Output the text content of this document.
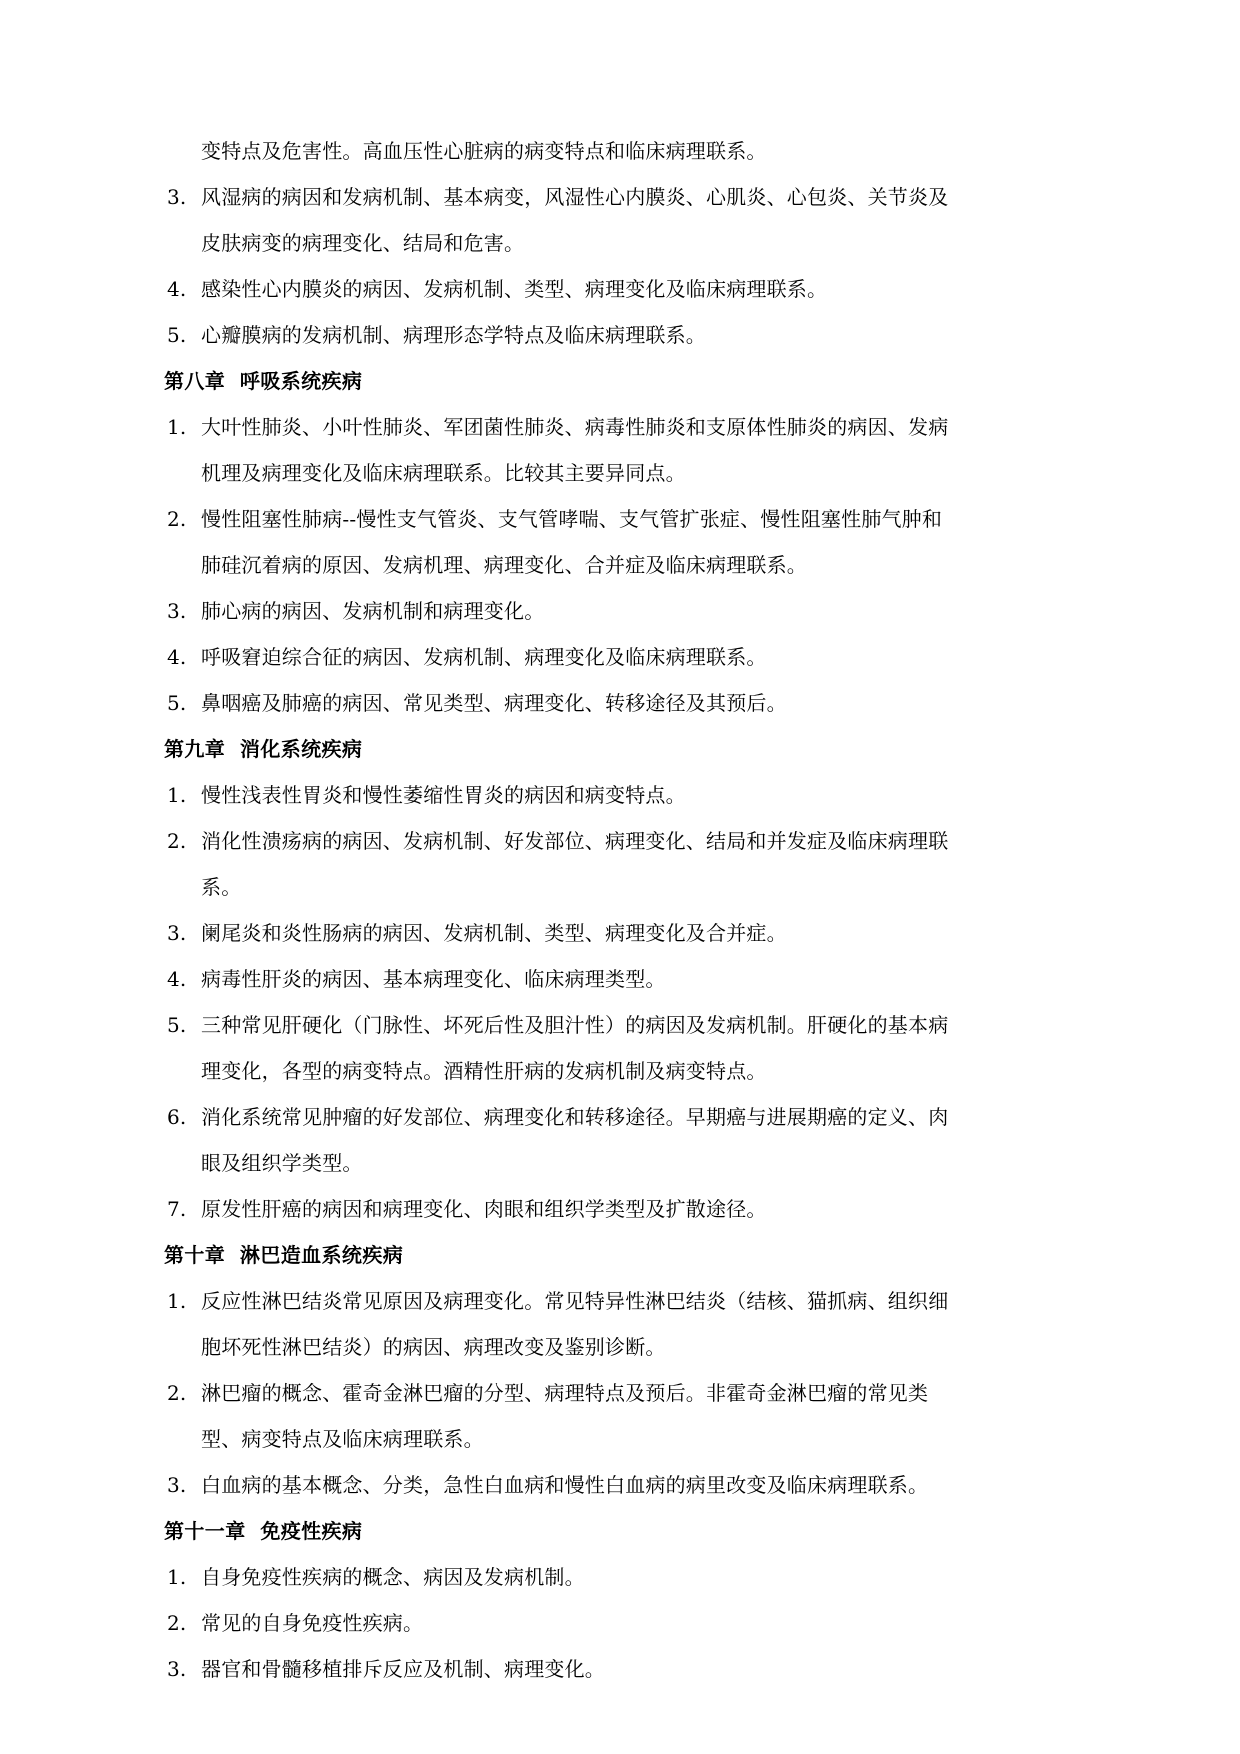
变特点及危害性。高血压性心脏病的病变特点和临床病理联系。
3. 风湿病的病因和发病机制、基本病变，风湿性心内膜炎、心肌炎、心包炎、关节炎及皮肤病变的病理变化、结局和危害。
4. 感染性心内膜炎的病因、发病机制、类型、病理变化及临床病理联系。
5. 心瓣膜病的发病机制、病理形态学特点及临床病理联系。
第八章  呼吸系统疾病
1. 大叶性肺炎、小叶性肺炎、军团菌性肺炎、病毒性肺炎和支原体性肺炎的病因、发病机理及病理变化及临床病理联系。比较其主要异同点。
2. 慢性阻塞性肺病--慢性支气管炎、支气管哮喘、支气管扩张症、慢性阻塞性肺气肿和肺硅沉着病的原因、发病机理、病理变化、合并症及临床病理联系。
3. 肺心病的病因、发病机制和病理变化。
4. 呼吸窘迫综合征的病因、发病机制、病理变化及临床病理联系。
5. 鼻咽癌及肺癌的病因、常见类型、病理变化、转移途径及其预后。
第九章  消化系统疾病
1. 慢性浅表性胃炎和慢性萎缩性胃炎的病因和病变特点。
2. 消化性溃疡病的病因、发病机制、好发部位、病理变化、结局和并发症及临床病理联系。
3. 阑尾炎和炎性肠病的病因、发病机制、类型、病理变化及合并症。
4. 病毒性肝炎的病因、基本病理变化、临床病理类型。
5. 三种常见肝硬化（门脉性、坏死后性及胆汁性）的病因及发病机制。肝硬化的基本病理变化，各型的病变特点。酒精性肝病的发病机制及病变特点。
6. 消化系统常见肿瘤的好发部位、病理变化和转移途径。早期癌与进展期癌的定义、肉眼及组织学类型。
7. 原发性肝癌的病因和病理变化、肉眼和组织学类型及扩散途径。
第十章  淋巴造血系统疾病
1. 反应性淋巴结炎常见原因及病理变化。常见特异性淋巴结炎（结核、猫抓病、组织细胞坏死性淋巴结炎）的病因、病理改变及鉴别诊断。
2. 淋巴瘤的概念、霍奇金淋巴瘤的分型、病理特点及预后。非霍奇金淋巴瘤的常见类型、病变特点及临床病理联系。
3. 白血病的基本概念、分类，急性白血病和慢性白血病的病里改变及临床病理联系。
第十一章  免疫性疾病
1. 自身免疫性疾病的概念、病因及发病机制。
2. 常见的自身免疫性疾病。
3. 器官和骨髓移植排斥反应及机制、病理变化。
